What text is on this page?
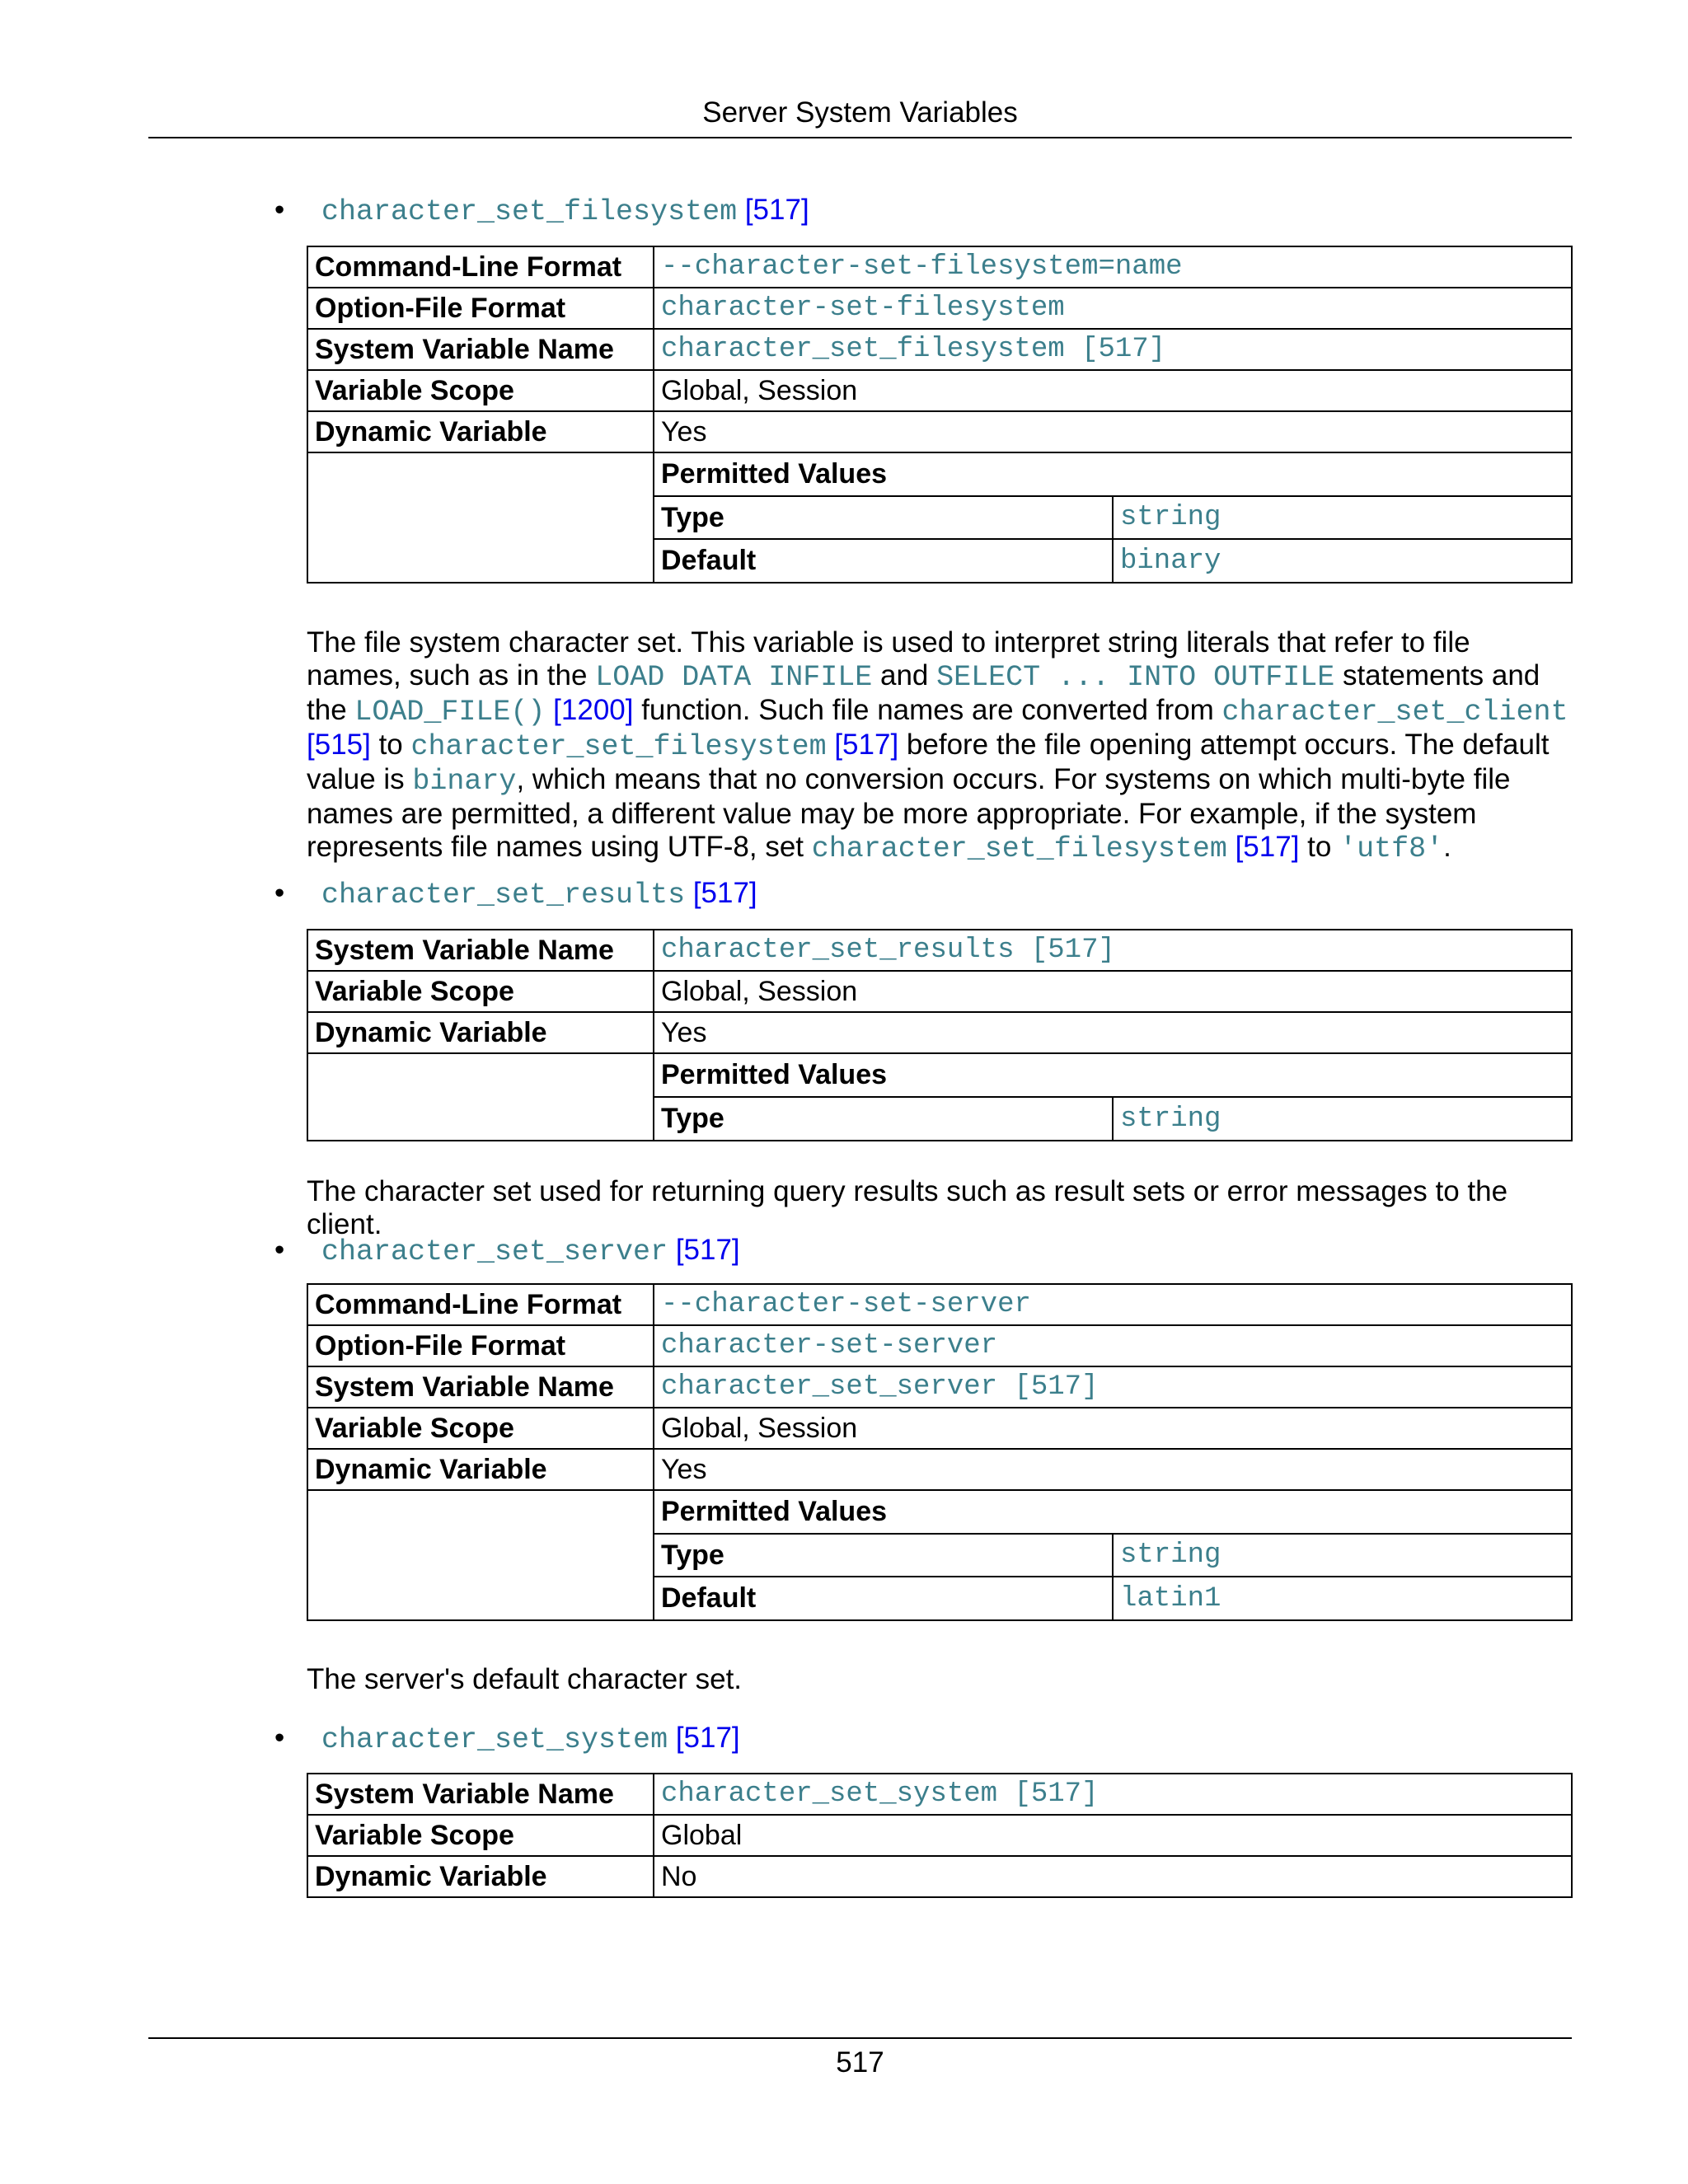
Server System Variables
• character_set_filesystem [517]
Command-Line Format	--character-set-filesystem=name
Option-File Format	character-set-filesystem
System Variable Name	character_set_filesystem [517]
Variable Scope	Global, Session
Dynamic Variable	Yes

Permitted Values
Type	string
Default	binary

The file system character set. This variable is used to interpret string literals that refer to file names, such as in the LOAD DATA INFILE and SELECT ... INTO OUTFILE statements and the LOAD_FILE() [1200] function. Such file names are converted from character_set_client [515] to character_set_filesystem [517] before the file opening attempt occurs. The default value is binary, which means that no conversion occurs. For systems on which multi-byte file names are permitted, a different value may be more appropriate. For example, if the system represents file names using UTF-8, set character_set_filesystem [517] to 'utf8'.

• character_set_results [517]
System Variable Name	character_set_results [517]
Variable Scope	Global, Session
Dynamic Variable	Yes

Permitted Values
Type	string

The character set used for returning query results such as result sets or error messages to the client.

• character_set_server [517]
Command-Line Format	--character-set-server
Option-File Format	character-set-server
System Variable Name	character_set_server [517]
Variable Scope	Global, Session
Dynamic Variable	Yes

Permitted Values
Type	string
Default	latin1

The server's default character set.

• character_set_system [517]
System Variable Name	character_set_system [517]
Variable Scope	Global
Dynamic Variable	No
517
